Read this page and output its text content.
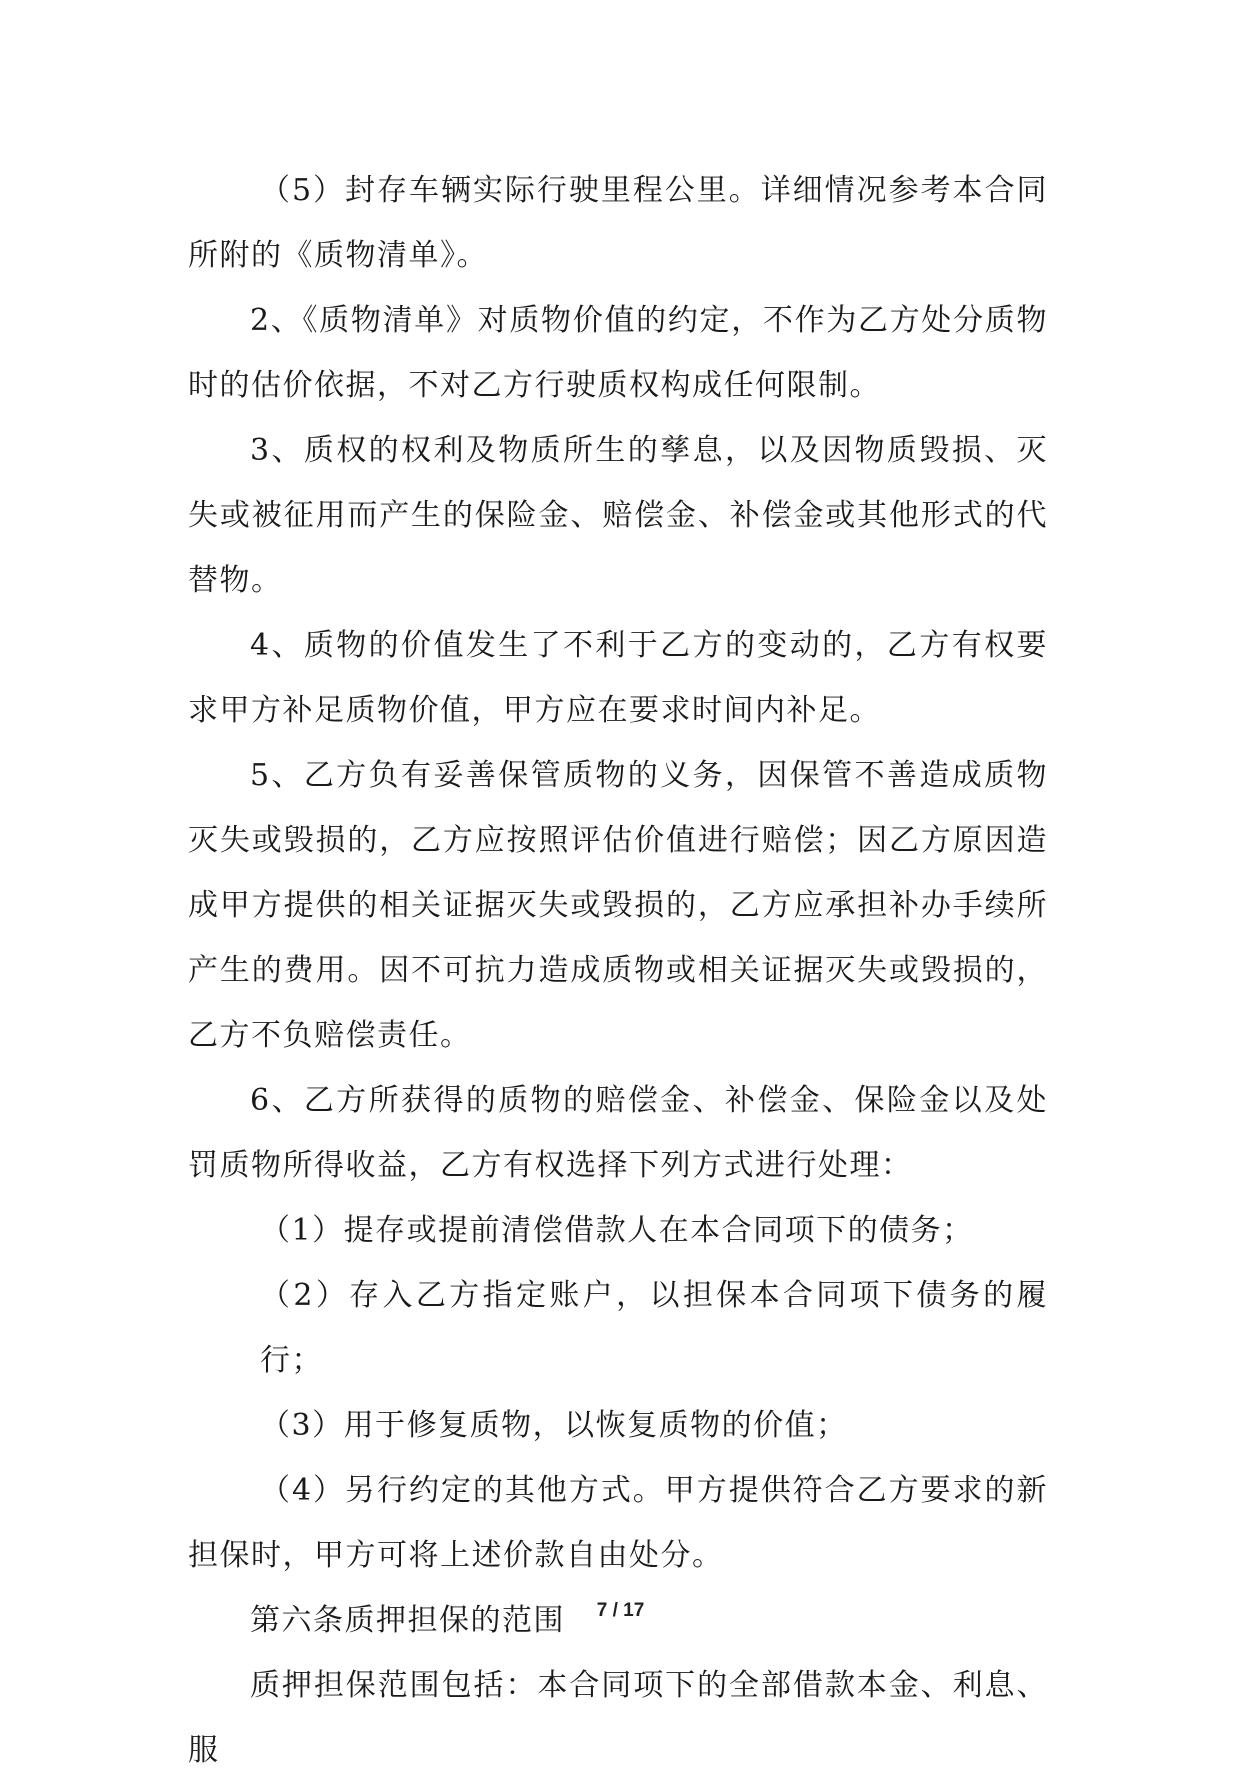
（5）封存车辆实际行驶里程公里。详细情况参考本合同所附的《质物清单》。

2、《质物清单》对质物价值的约定，不作为乙方处分质物时的估价依据，不对乙方行驶质权构成任何限制。

3、质权的权利及物质所生的孳息，以及因物质毁损、灭失或被征用而产生的保险金、赔偿金、补偿金或其他形式的代替物。

4、质物的价值发生了不利于乙方的变动的，乙方有权要求甲方补足质物价值，甲方应在要求时间内补足。

5、乙方负有妥善保管质物的义务，因保管不善造成质物灭失或毁损的，乙方应按照评估价值进行赔偿；因乙方原因造成甲方提供的相关证据灭失或毁损的，乙方应承担补办手续所产生的费用。因不可抗力造成质物或相关证据灭失或毁损的，乙方不负赔偿责任。

6、乙方所获得的质物的赔偿金、补偿金、保险金以及处罚质物所得收益，乙方有权选择下列方式进行处理：

（1）提存或提前清偿借款人在本合同项下的债务；

（2）存入乙方指定账户，以担保本合同项下债务的履行；

（3）用于修复质物，以恢复质物的价值；

（4）另行约定的其他方式。甲方提供符合乙方要求的新担保时，甲方可将上述价款自由处分。

第六条质押担保的范围

质押担保范围包括：本合同项下的全部借款本金、利息、服

7 / 17
